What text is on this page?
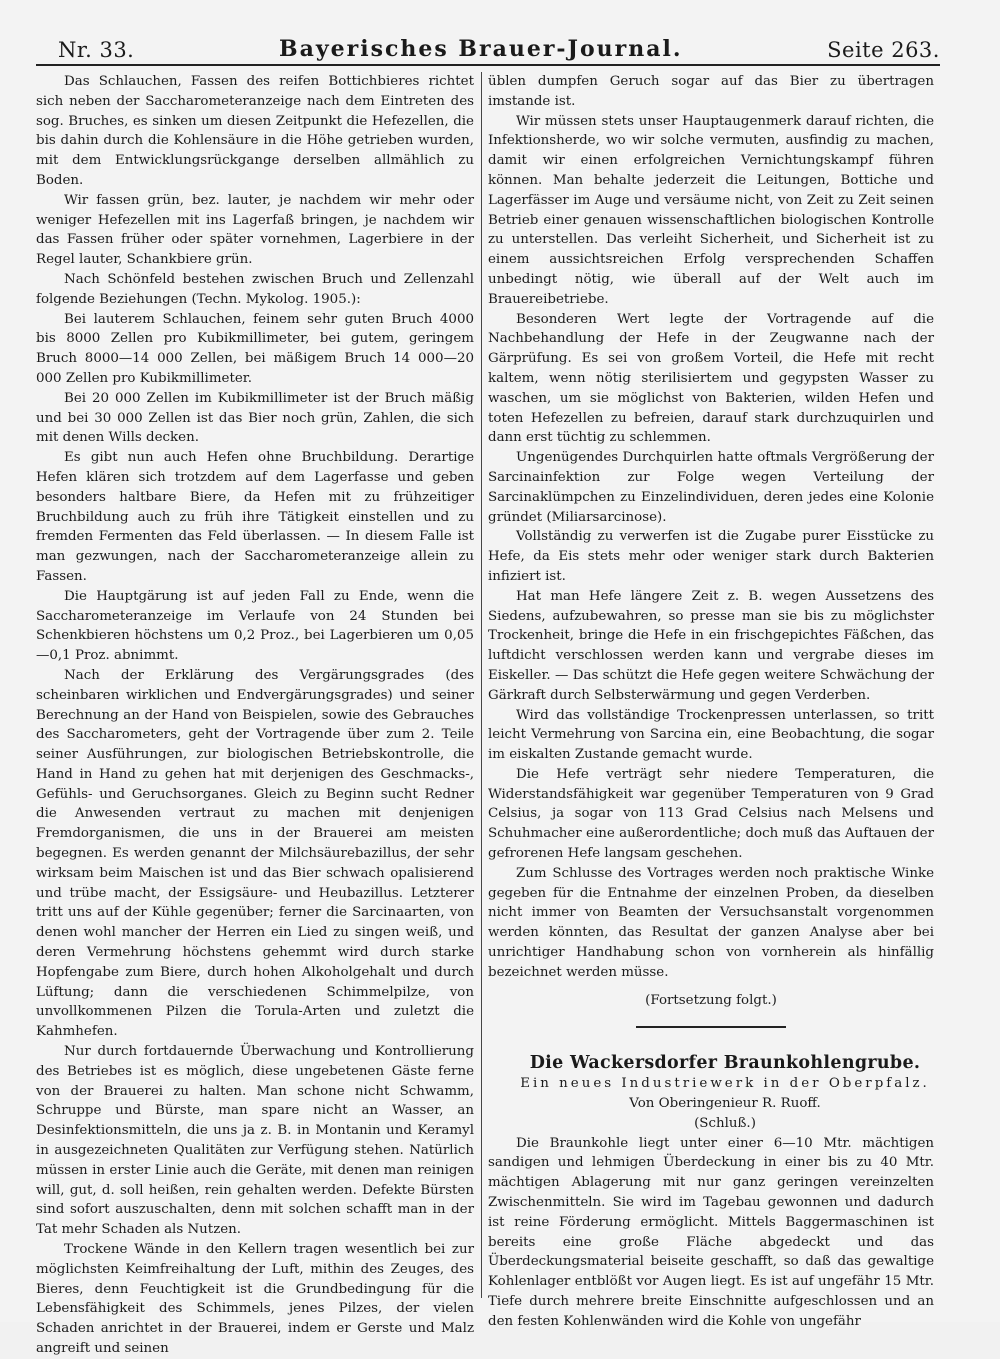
Nr. 33.	Bayerisches Brauer-Journal.	Seite 263.

Das Schlauchen, Fassen des reifen Bottichbieres richtet sich neben der Saccharometeranzeige nach dem Eintreten des sog. Bruches, es sinken um diesen Zeitpunkt die Hefezellen, die bis dahin durch die Kohlensäure in die Höhe getrieben wurden, mit dem Entwicklungsrückgange derselben allmählich zu Boden.

Wir fassen grün, bez. lauter, je nachdem wir mehr oder weniger Hefezellen mit ins Lagerfaß bringen, je nachdem wir das Fassen früher oder später vornehmen, Lagerbiere in der Regel lauter, Schankbiere grün.

Nach Schönfeld bestehen zwischen Bruch und Zellenzahl folgende Beziehungen (Techn. Mykolog. 1905.):

Bei lauterem Schlauchen, feinem sehr guten Bruch 4000 bis 8000 Zellen pro Kubikmillimeter, bei gutem, geringem Bruch 8000—14 000 Zellen, bei mäßigem Bruch 14 000—20 000 Zellen pro Kubikmillimeter.

Bei 20 000 Zellen im Kubikmillimeter ist der Bruch mäßig und bei 30 000 Zellen ist das Bier noch grün, Zahlen, die sich mit denen Wills decken.

Es gibt nun auch Hefen ohne Bruchbildung. Derartige Hefen klären sich trotzdem auf dem Lagerfasse und geben besonders haltbare Biere, da Hefen mit zu frühzeitiger Bruchbildung auch zu früh ihre Tätigkeit einstellen und zu fremden Fermenten das Feld überlassen. — In diesem Falle ist man gezwungen, nach der Saccharometeranzeige allein zu Fassen.

Die Hauptgärung ist auf jeden Fall zu Ende, wenn die Saccharometeranzeige im Verlaufe von 24 Stunden bei Schenkbieren höchstens um 0,2 Proz., bei Lagerbieren um 0,05—0,1 Proz. abnimmt.

Nach der Erklärung des Vergärungsgrades (des scheinbaren wirklichen und Endvergärungsgrades) und seiner Berechnung an der Hand von Beispielen, sowie des Gebrauches des Saccharometers, geht der Vortragende über zum 2. Teile seiner Ausführungen, zur biologischen Betriebskontrolle, die Hand in Hand zu gehen hat mit derjenigen des Geschmacks-, Gefühls- und Geruchsorganes. Gleich zu Beginn sucht Redner die Anwesenden vertraut zu machen mit denjenigen Fremdorganismen, die uns in der Brauerei am meisten begegnen. Es werden genannt der Milchsäurebazillus, der sehr wirksam beim Maischen ist und das Bier schwach opalisierend und trübe macht, der Essigsäure- und Heubazillus. Letzterer tritt uns auf der Kühle gegenüber; ferner die Sarcinaarten, von denen wohl mancher der Herren ein Lied zu singen weiß, und deren Vermehrung höchstens gehemmt wird durch starke Hopfengabe zum Biere, durch hohen Alkoholgehalt und durch Lüftung; dann die verschiedenen Schimmelpilze, von unvollkommenen Pilzen die Torula-Arten und zuletzt die Kahmhefen.

Nur durch fortdauernde Überwachung und Kontrollierung des Betriebes ist es möglich, diese ungebetenen Gäste ferne von der Brauerei zu halten. Man schone nicht Schwamm, Schruppe und Bürste, man spare nicht an Wasser, an Desinfektionsmitteln, die uns ja z. B. in Montanin und Keramyl in ausgezeichneten Qualitäten zur Verfügung stehen. Natürlich müssen in erster Linie auch die Geräte, mit denen man reinigen will, gut, d. soll heißen, rein gehalten werden. Defekte Bürsten sind sofort auszuschalten, denn mit solchen schafft man in der Tat mehr Schaden als Nutzen.

Trockene Wände in den Kellern tragen wesentlich bei zur möglichsten Keimfreihaltung der Luft, mithin des Zeuges, des Bieres, denn Feuchtigkeit ist die Grundbedingung für die Lebensfähigkeit des Schimmels, jenes Pilzes, der vielen Schaden anrichtet in der Brauerei, indem er Gerste und Malz angreift und seinen

üblen dumpfen Geruch sogar auf das Bier zu übertragen imstande ist.

Wir müssen stets unser Hauptaugenmerk darauf richten, die Infektionsherde, wo wir solche vermuten, ausfindig zu machen, damit wir einen erfolgreichen Vernichtungskampf führen können. Man behalte jederzeit die Leitungen, Bottiche und Lagerfässer im Auge und versäume nicht, von Zeit zu Zeit seinen Betrieb einer genauen wissenschaftlichen biologischen Kontrolle zu unterstellen. Das verleiht Sicherheit, und Sicherheit ist zu einem aussichtsreichen Erfolg versprechenden Schaffen unbedingt nötig, wie überall auf der Welt auch im Brauereibetriebe.

Besonderen Wert legte der Vortragende auf die Nachbehandlung der Hefe in der Zeugwanne nach der Gärprüfung. Es sei von großem Vorteil, die Hefe mit recht kaltem, wenn nötig sterilisiertem und gegypsten Wasser zu waschen, um sie möglichst von Bakterien, wilden Hefen und toten Hefezellen zu befreien, darauf stark durchzuquirlen und dann erst tüchtig zu schlemmen.

Ungenügendes Durchquirlen hatte oftmals Vergrößerung der Sarcinainfektion zur Folge wegen Verteilung der Sarcinaklümpchen zu Einzelindividuen, deren jedes eine Kolonie gründet (Miliarsarcinose).

Vollständig zu verwerfen ist die Zugabe purer Eisstücke zu Hefe, da Eis stets mehr oder weniger stark durch Bakterien infiziert ist.

Hat man Hefe längere Zeit z. B. wegen Aussetzens des Siedens, aufzubewahren, so presse man sie bis zu möglichster Trockenheit, bringe die Hefe in ein frischgepichtes Fäßchen, das luftdicht verschlossen werden kann und vergrabe dieses im Eiskeller. — Das schützt die Hefe gegen weitere Schwächung der Gärkraft durch Selbsterwärmung und gegen Verderben.

Wird das vollständige Trockenpressen unterlassen, so tritt leicht Vermehrung von Sarcina ein, eine Beobachtung, die sogar im eiskalten Zustande gemacht wurde.

Die Hefe verträgt sehr niedere Temperaturen, die Widerstandsfähigkeit war gegenüber Temperaturen von 9 Grad Celsius, ja sogar von 113 Grad Celsius nach Melsens und Schuhmacher eine außerordentliche; doch muß das Auftauen der gefrorenen Hefe langsam geschehen.

Zum Schlusse des Vortrages werden noch praktische Winke gegeben für die Entnahme der einzelnen Proben, da dieselben nicht immer von Beamten der Versuchsanstalt vorgenommen werden könnten, das Resultat der ganzen Analyse aber bei unrichtiger Handhabung schon von vornherein als hinfällig bezeichnet werden müsse.

(Fortsetzung folgt.)

Die Wackersdorfer Braunkohlengrube.

Ein neues Industriewerk in der Oberpfalz.

Von Oberingenieur R. Ruoff.

(Schluß.)

Die Braunkohle liegt unter einer 6—10 Mtr. mächtigen sandigen und lehmigen Überdeckung in einer bis zu 40 Mtr. mächtigen Ablagerung mit nur ganz geringen vereinzelten Zwischenmitteln. Sie wird im Tagebau gewonnen und dadurch ist reine Förderung ermöglicht. Mittels Baggermaschinen ist bereits eine große Fläche abgedeckt und das Überdeckungsmaterial beiseite geschafft, so daß das gewaltige Kohlenlager entblößt vor Augen liegt. Es ist auf ungefähr 15 Mtr. Tiefe durch mehrere breite Einschnitte aufgeschlossen und an den festen Kohlenwänden wird die Kohle von ungefähr
